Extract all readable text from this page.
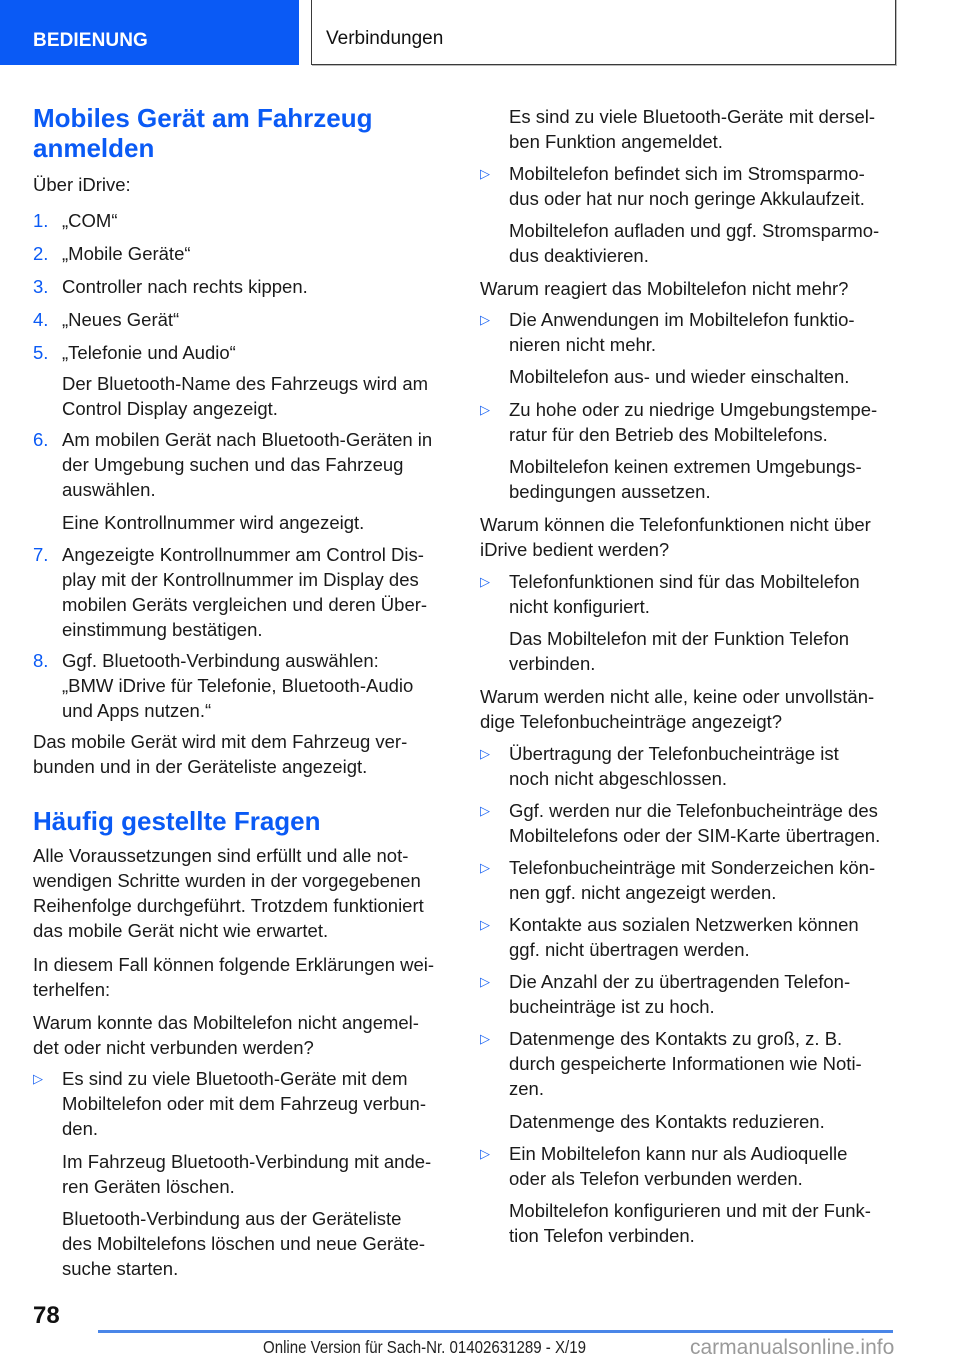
BEDIENUNG	Verbindungen
Mobiles Gerät am Fahrzeug
anmelden

Über iDrive:

1. „COM“
2. „Mobile Geräte“
3. Controller nach rechts kippen.
4. „Neues Gerät“
5. „Telefonie und Audio“
Der Bluetooth-Name des Fahrzeugs wird am
Control Display angezeigt.
6. Am mobilen Gerät nach Bluetooth-Geräten in
der Umgebung suchen und das Fahrzeug
auswählen.
Eine Kontrollnummer wird angezeigt.
7. Angezeigte Kontrollnummer am Control Dis-
play mit der Kontrollnummer im Display des
mobilen Geräts vergleichen und deren Über-
einstimmung bestätigen.
8. Ggf. Bluetooth-Verbindung auswählen:
„BMW iDrive für Telefonie, Bluetooth-Audio
und Apps nutzen.“
Das mobile Gerät wird mit dem Fahrzeug ver-
bunden und in der Geräteliste angezeigt.
Häufig gestellte Fragen
Alle Voraussetzungen sind erfüllt und alle not-
wendigen Schritte wurden in der vorgegebenen
Reihenfolge durchgeführt. Trotzdem funktioniert
das mobile Gerät nicht wie erwartet.
In diesem Fall können folgende Erklärungen wei-
terhelfen:
Warum konnte das Mobiltelefon nicht angemel-
det oder nicht verbunden werden?
▷ Es sind zu viele Bluetooth-Geräte mit dem
Mobiltelefon oder mit dem Fahrzeug verbun-
den.
Im Fahrzeug Bluetooth-Verbindung mit ande-
ren Geräten löschen.
Bluetooth-Verbindung aus der Geräteliste
des Mobiltelefons löschen und neue Geräte-
suche starten.
Es sind zu viele Bluetooth-Geräte mit dersel-
ben Funktion angemeldet.
▷ Mobiltelefon befindet sich im Stromsparmo-
dus oder hat nur noch geringe Akkulaufzeit.
Mobiltelefon aufladen und ggf. Stromsparmo-
dus deaktivieren.
Warum reagiert das Mobiltelefon nicht mehr?
▷ Die Anwendungen im Mobiltelefon funktio-
nieren nicht mehr.
Mobiltelefon aus- und wieder einschalten.
▷ Zu hohe oder zu niedrige Umgebungstempe-
ratur für den Betrieb des Mobiltelefons.
Mobiltelefon keinen extremen Umgebungs-
bedingungen aussetzen.
Warum können die Telefonfunktionen nicht über
iDrive bedient werden?
▷ Telefonfunktionen sind für das Mobiltelefon
nicht konfiguriert.
Das Mobiltelefon mit der Funktion Telefon
verbinden.
Warum werden nicht alle, keine oder unvollstän-
dige Telefonbucheinträge angezeigt?
▷ Übertragung der Telefonbucheinträge ist
noch nicht abgeschlossen.
▷ Ggf. werden nur die Telefonbucheinträge des
Mobiltelefons oder der SIM-Karte übertragen.
▷ Telefonbucheinträge mit Sonderzeichen kön-
nen ggf. nicht angezeigt werden.
▷ Kontakte aus sozialen Netzwerken können
ggf. nicht übertragen werden.
▷ Die Anzahl der zu übertragenden Telefon-
bucheinträge ist zu hoch.
▷ Datenmenge des Kontakts zu groß, z. B.
durch gespeicherte Informationen wie Noti-
zen.
Datenmenge des Kontakts reduzieren.
▷ Ein Mobiltelefon kann nur als Audioquelle
oder als Telefon verbunden werden.
Mobiltelefon konfigurieren und mit der Funk-
tion Telefon verbinden.
78
Online Version für Sach-Nr. 01402631289 - X/19	carmanualsonline.info
